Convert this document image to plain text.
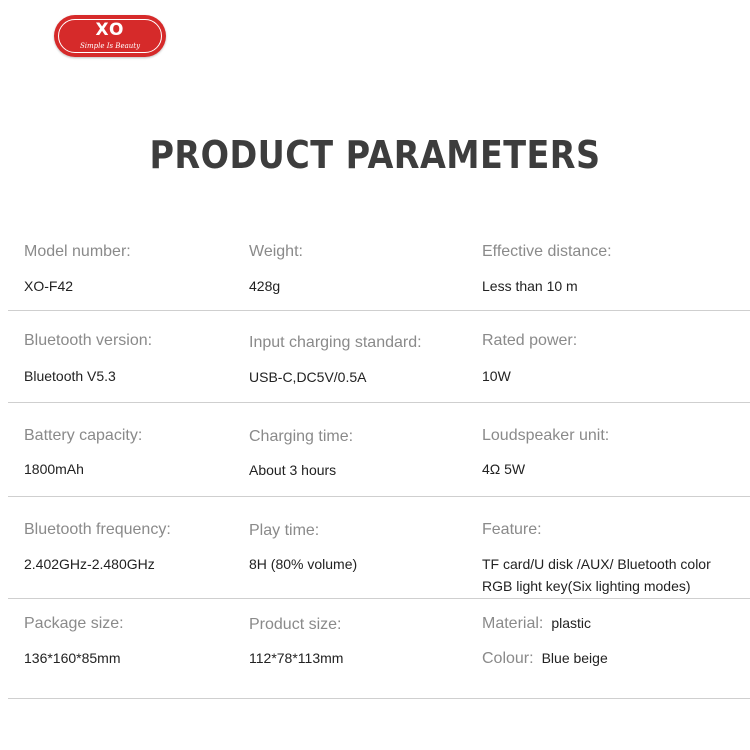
XO
Simple Is Beauty
PRODUCT PARAMETERS
Model number:
XO-F42
Weight:
428g
Effective distance:
Less than 10 m
Bluetooth version:
Bluetooth V5.3
Input charging standard:
USB-C,DC5V/0.5A
Rated power:
10W
Battery capacity:
1800mAh
Charging time:
About 3 hours
Loudspeaker unit:
4Ω 5W
Bluetooth frequency:
2.402GHz-2.480GHz
Play time:
8H (80% volume)
Feature:
TF card/U disk /AUX/ Bluetooth color
RGB light key(Six lighting modes)
Package size:
136*160*85mm
Product size:
112*78*113mm
Material: plastic
Colour: Blue beige
